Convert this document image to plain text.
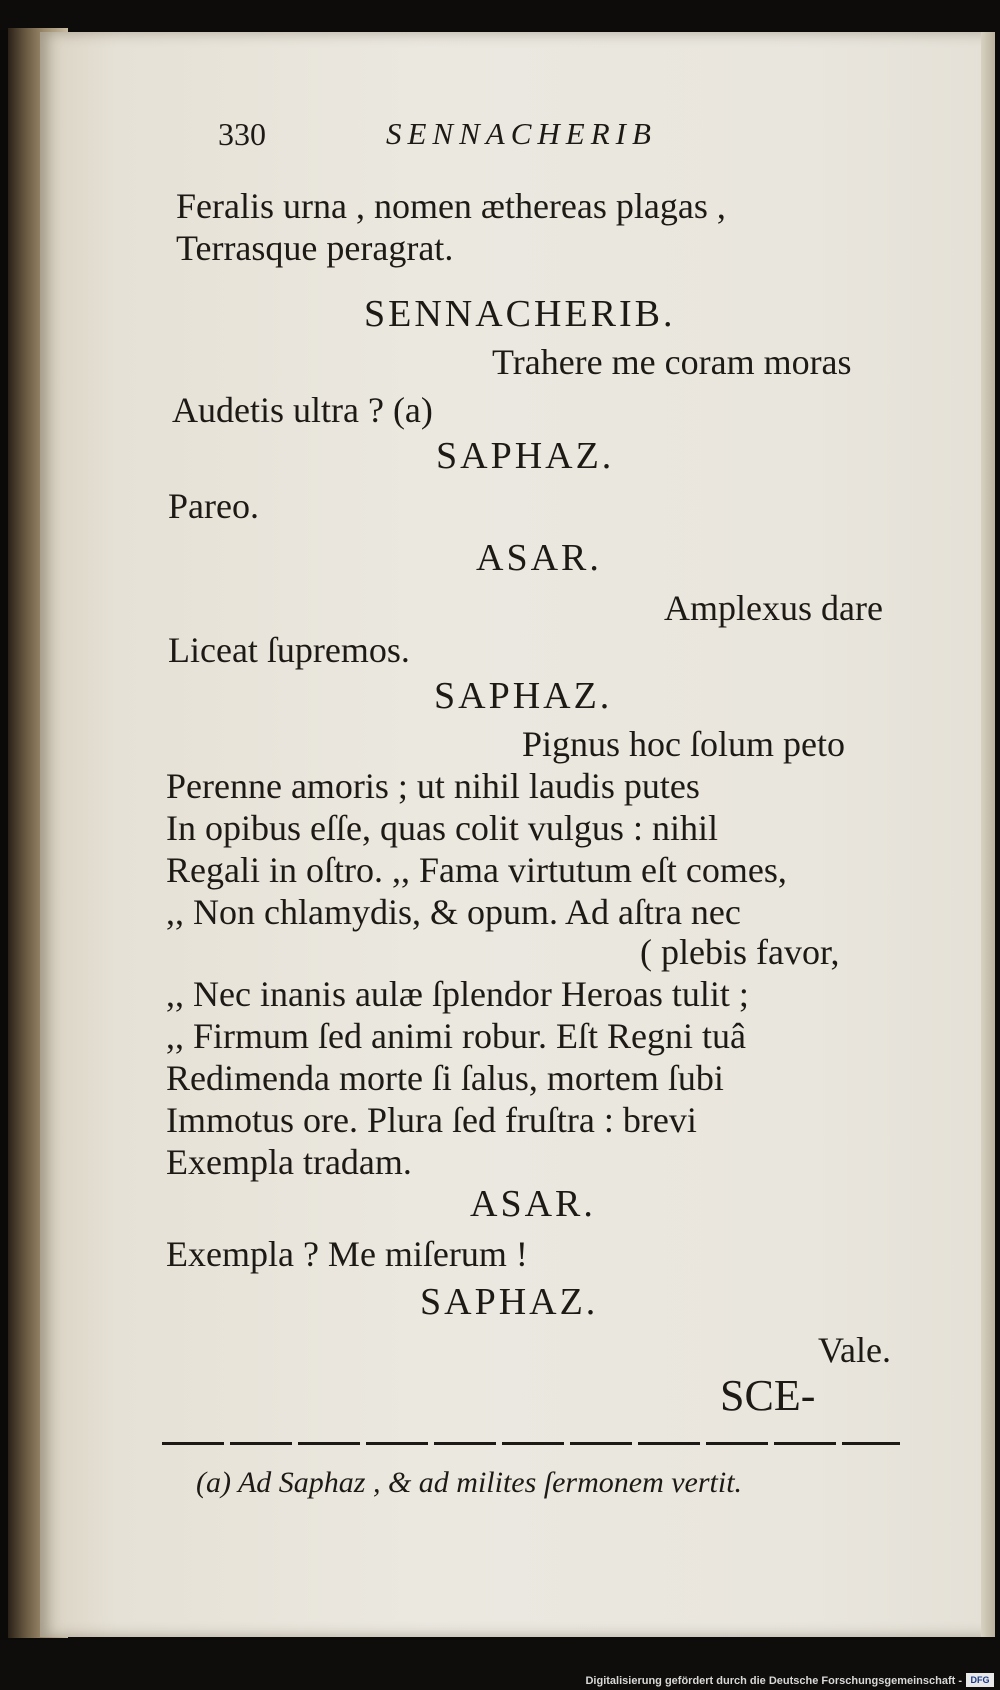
330	SENNACHERIB
Feralis urna , nomen æthereas plagas ,
Terrasque peragrat.
SENNACHERIB.
Trahere me coram moras
Audetis ultra ? (a)
SAPHAZ.
Pareo.
ASAR.
Amplexus dare
Liceat ſupremos.
SAPHAZ.
Pignus hoc ſolum peto
Perenne amoris ; ut nihil laudis putes
In opibus eſſe, quas colit vulgus : nihil
Regali in oſtro. ,, Fama virtutum eſt comes,
,, Non chlamydis, & opum. Ad aſtra nec
( plebis favor,
,, Nec inanis aulæ ſplendor Heroas tulit ;
,, Firmum ſed animi robur. Eſt Regni tuâ
Redimenda morte ſi ſalus, mortem ſubi
Immotus ore. Plura ſed fruſtra : brevi
Exempla tradam.
ASAR.
Exempla ? Me miſerum !
SAPHAZ.
Vale.
SCE-
(a) Ad Saphaz , & ad milites ſermonem vertit.
Digitalisierung gefördert durch die Deutsche Forschungsgemeinschaft - DFG
